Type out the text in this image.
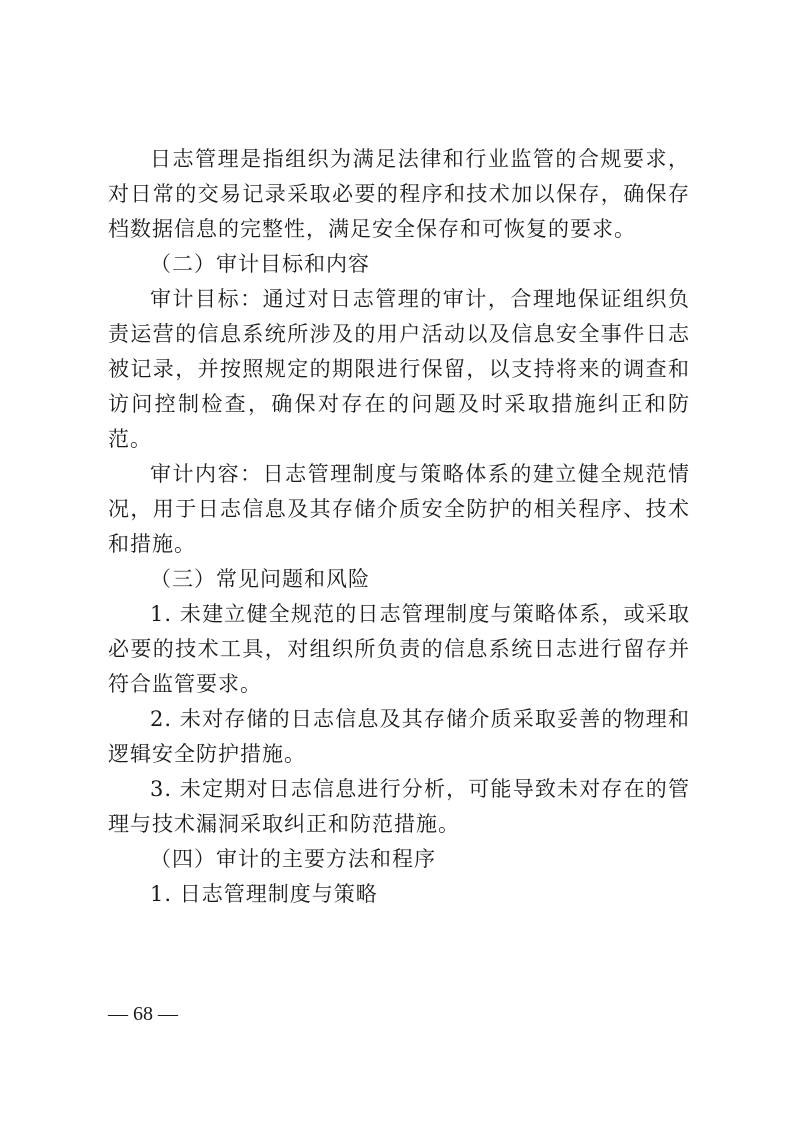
日志管理是指组织为满足法律和行业监管的合规要求，对日常的交易记录采取必要的程序和技术加以保存，确保存档数据信息的完整性，满足安全保存和可恢复的要求。

（二）审计目标和内容

审计目标：通过对日志管理的审计，合理地保证组织负责运营的信息系统所涉及的用户活动以及信息安全事件日志被记录，并按照规定的期限进行保留，以支持将来的调查和访问控制检查，确保对存在的问题及时采取措施纠正和防范。

审计内容：日志管理制度与策略体系的建立健全规范情况，用于日志信息及其存储介质安全防护的相关程序、技术和措施。

（三）常见问题和风险

1. 未建立健全规范的日志管理制度与策略体系，或采取必要的技术工具，对组织所负责的信息系统日志进行留存并符合监管要求。

2. 未对存储的日志信息及其存储介质采取妥善的物理和逻辑安全防护措施。

3. 未定期对日志信息进行分析，可能导致未对存在的管理与技术漏洞采取纠正和防范措施。

（四）审计的主要方法和程序

1. 日志管理制度与策略

— 68 —
